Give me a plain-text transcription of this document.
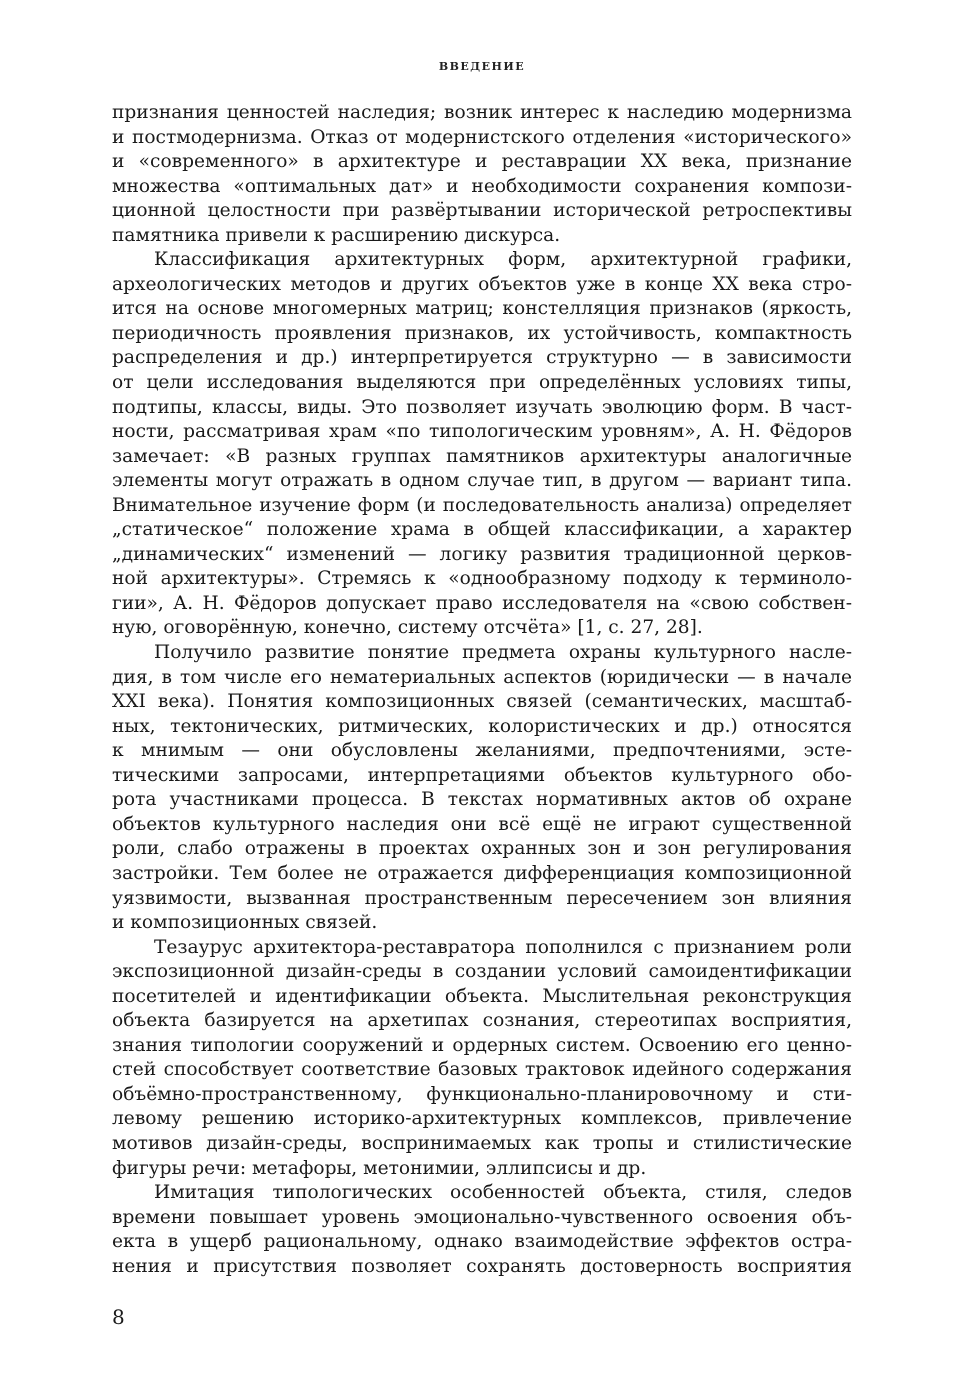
ВВЕДЕНИЕ
признания ценностей наследия; возник интерес к наследию модернизма
и постмодернизма. Отказ от модернистского отделения «исторического»
и «современного» в архитектуре и реставрации XX века, признание
множества «оптимальных дат» и необходимости сохранения компози-
ционной целостности при развёртывании исторической ретроспективы
памятника привели к расширению дискурса.
Классификация архитектурных форм, архитектурной графики,
археологических методов и других объектов уже в конце XX века стро-
ится на основе многомерных матриц; констелляция признаков (яркость,
периодичность проявления признаков, их устойчивость, компактность
распределения и др.) интерпретируется структурно — в зависимости
от цели исследования выделяются при определённых условиях типы,
подтипы, классы, виды. Это позволяет изучать эволюцию форм. В част-
ности, рассматривая храм «по типологическим уровням», А. Н. Фёдоров
замечает: «В разных группах памятников архитектуры аналогичные
элементы могут отражать в одном случае тип, в другом — вариант типа.
Внимательное изучение форм (и последовательность анализа) определяет
„статическое“ положение храма в общей классификации, а характер
„динамических“ изменений — логику развития традиционной церков-
ной архитектуры». Стремясь к «однообразному подходу к терминоло-
гии», А. Н. Фёдоров допускает право исследователя на «свою собствен-
ную, оговорённую, конечно, систему отсчёта» [1, с. 27, 28].
Получило развитие понятие предмета охраны культурного насле-
дия, в том числе его нематериальных аспектов (юридически — в начале
XXI века). Понятия композиционных связей (семантических, масштаб-
ных, тектонических, ритмических, колористических и др.) относятся
к мнимым — они обусловлены желаниями, предпочтениями, эсте-
тическими запросами, интерпретациями объектов культурного обо-
рота участниками процесса. В текстах нормативных актов об охране
объектов культурного наследия они всё ещё не играют существенной
роли, слабо отражены в проектах охранных зон и зон регулирования
застройки. Тем более не отражается дифференциация композиционной
уязвимости, вызванная пространственным пересечением зон влияния
и композиционных связей.
Тезаурус архитектора-реставратора пополнился с признанием роли
экспозиционной дизайн-среды в создании условий самоидентификации
посетителей и идентификации объекта. Мыслительная реконструкция
объекта базируется на архетипах сознания, стереотипах восприятия,
знания типологии сооружений и ордерных систем. Освоению его ценно-
стей способствует соответствие базовых трактовок идейного содержания
объёмно-пространственному, функционально-планировочному и сти-
левому решению историко-архитектурных комплексов, привлечение
мотивов дизайн-среды, воспринимаемых как тропы и стилистические
фигуры речи: метафоры, метонимии, эллипсисы и др.
Имитация типологических особенностей объекта, стиля, следов
времени повышает уровень эмоционально-чувственного освоения объ-
екта в ущерб рациональному, однако взаимодействие эффектов остра-
нения и присутствия позволяет сохранять достоверность восприятия
8
